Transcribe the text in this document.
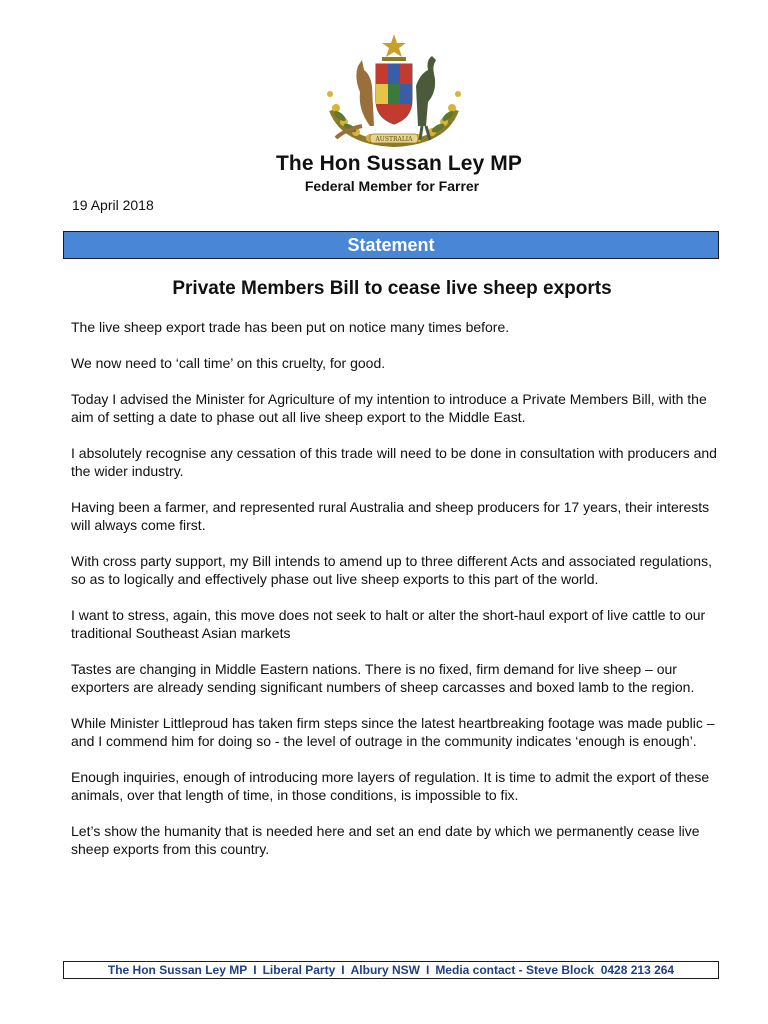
AUSTRALIA
The Hon Sussan Ley MP
Federal Member for Farrer
19 April 2018
Statement
Private Members Bill to cease live sheep exports

The live sheep export trade has been put on notice many times before.

We now need to ‘call time’ on this cruelty, for good.

Today I advised the Minister for Agriculture of my intention to introduce a Private Members Bill, with the aim of setting a date to phase out all live sheep export to the Middle East.

I absolutely recognise any cessation of this trade will need to be done in consultation with producers and the wider industry.

Having been a farmer, and represented rural Australia and sheep producers for 17 years, their interests will always come first.

With cross party support, my Bill intends to amend up to three different Acts and associated regulations, so as to logically and effectively phase out live sheep exports to this part of the world.

I want to stress, again, this move does not seek to halt or alter the short-haul export of live cattle to our traditional Southeast Asian markets

Tastes are changing in Middle Eastern nations. There is no fixed, firm demand for live sheep – our exporters are already sending significant numbers of sheep carcasses and boxed lamb to the region.

While Minister Littleproud has taken firm steps since the latest heartbreaking footage was made public – and I commend him for doing so - the level of outrage in the community indicates ‘enough is enough’.

Enough inquiries, enough of introducing more layers of regulation. It is time to admit the export of these animals, over that length of time, in those conditions, is impossible to fix.

Let’s show the humanity that is needed here and set an end date by which we permanently cease live sheep exports from this country.

The Hon Sussan Ley MP I Liberal Party I Albury NSW I Media contact - Steve Block  0428 213 264
